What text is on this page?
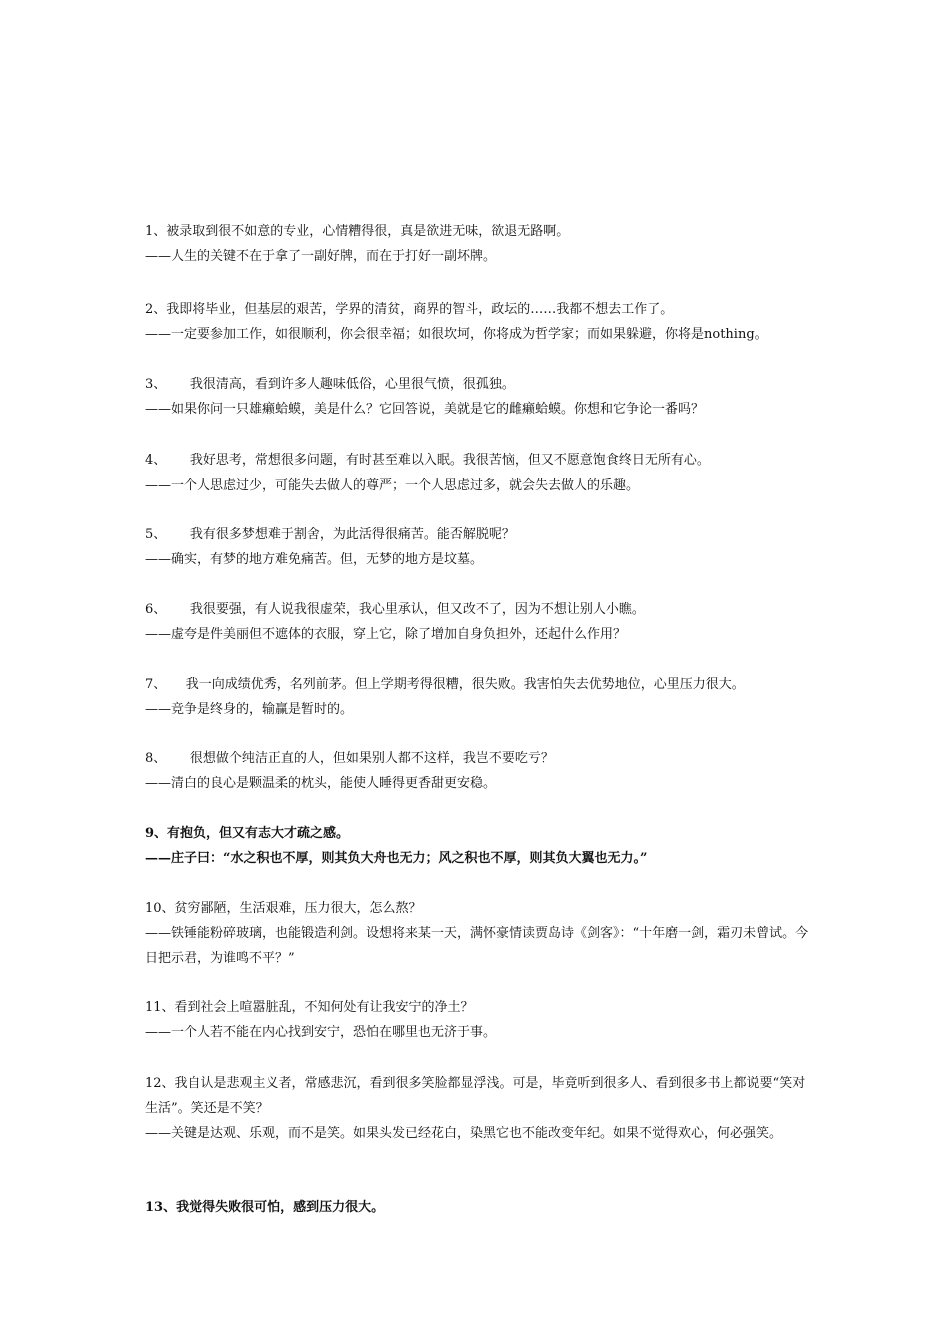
1、被录取到很不如意的专业，心情糟得很，真是欲进无味，欲退无路啊。
——人生的关键不在于拿了一副好牌，而在于打好一副坏牌。
2、我即将毕业，但基层的艰苦，学界的清贫，商界的智斗，政坛的……我都不想去工作了。
——一定要参加工作，如很顺利，你会很幸福；如很坎坷，你将成为哲学家；而如果躲避，你将是nothing。
3、　　 我很清高，看到许多人趣味低俗，心里很气愤，很孤独。
——如果你问一只雄癞蛤蟆，美是什么？它回答说，美就是它的雌癞蛤蟆。你想和它争论一番吗？
4、　　 我好思考，常想很多问题，有时甚至难以入眠。我很苦恼，但又不愿意饱食终日无所有心。
——一个人思虑过少，可能失去做人的尊严；一个人思虑过多，就会失去做人的乐趣。
5、　　 我有很多梦想难于割舍，为此活得很痛苦。能否解脱呢？
——确实，有梦的地方难免痛苦。但，无梦的地方是坟墓。
6、　　 我很要强，有人说我很虚荣，我心里承认，但又改不了，因为不想让别人小瞧。
——虚夸是件美丽但不遮体的衣服，穿上它，除了增加自身负担外，还起什么作用？
7、　　我一向成绩优秀，名列前茅。但上学期考得很糟，很失败。我害怕失去优势地位，心里压力很大。
——竞争是终身的，输赢是暂时的。
8、　　 很想做个纯洁正直的人，但如果别人都不这样，我岂不要吃亏？
——清白的良心是颗温柔的枕头，能使人睡得更香甜更安稳。
9、有抱负，但又有志大才疏之感。
——庄子曰：“水之积也不厚，则其负大舟也无力；风之积也不厚，则其负大翼也无力。”
10、贫穷鄙陋，生活艰难，压力很大，怎么熬？
——铁锤能粉碎玻璃，也能锻造利剑。设想将来某一天，满怀豪情读贾岛诗《剑客》：“十年磨一剑，霜刃未曾试。今日把示君，为谁鸣不平？”
11、看到社会上喧嚣脏乱，不知何处有让我安宁的净土？
——一个人若不能在内心找到安宁，恐怕在哪里也无济于事。
12、我自认是悲观主义者，常感悲沉，看到很多笑脸都显浮浅。可是，毕竟听到很多人、看到很多书上都说要“笑对生活”。笑还是不笑？
——关键是达观、乐观，而不是笑。如果头发已经花白，染黑它也不能改变年纪。如果不觉得欢心，何必强笑。
13、我觉得失败很可怕，感到压力很大。
